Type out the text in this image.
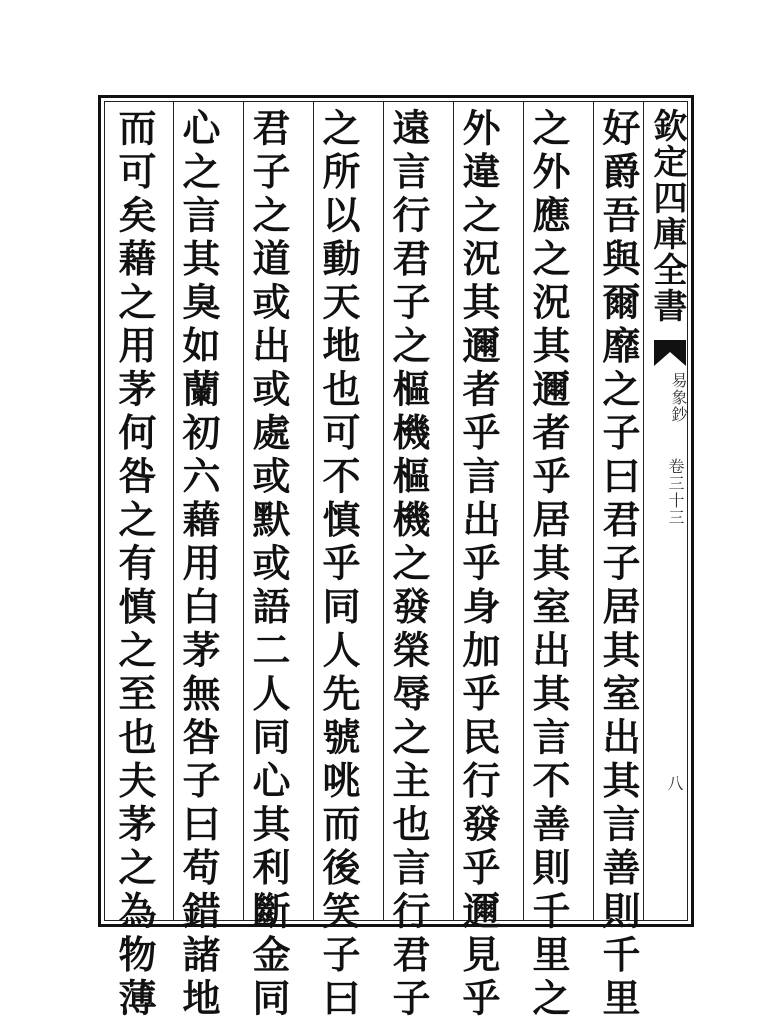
欽定四庫全書
易象鈔
卷三十三
八
好爵吾與爾靡之子曰君子居其室出其言善則千里
之外應之況其邇者乎居其室出其言不善則千里之
外違之況其邇者乎言出乎身加乎民行發乎邇見乎
遠言行君子之樞機樞機之發榮辱之主也言行君子
之所以動天地也可不慎乎同人先號咷而後笑子曰
君子之道或出或處或默或語二人同心其利斷金同
心之言其臭如蘭初六藉用白茅無咎子曰苟錯諸地
而可矣藉之用茅何咎之有慎之至也夫茅之為物薄
